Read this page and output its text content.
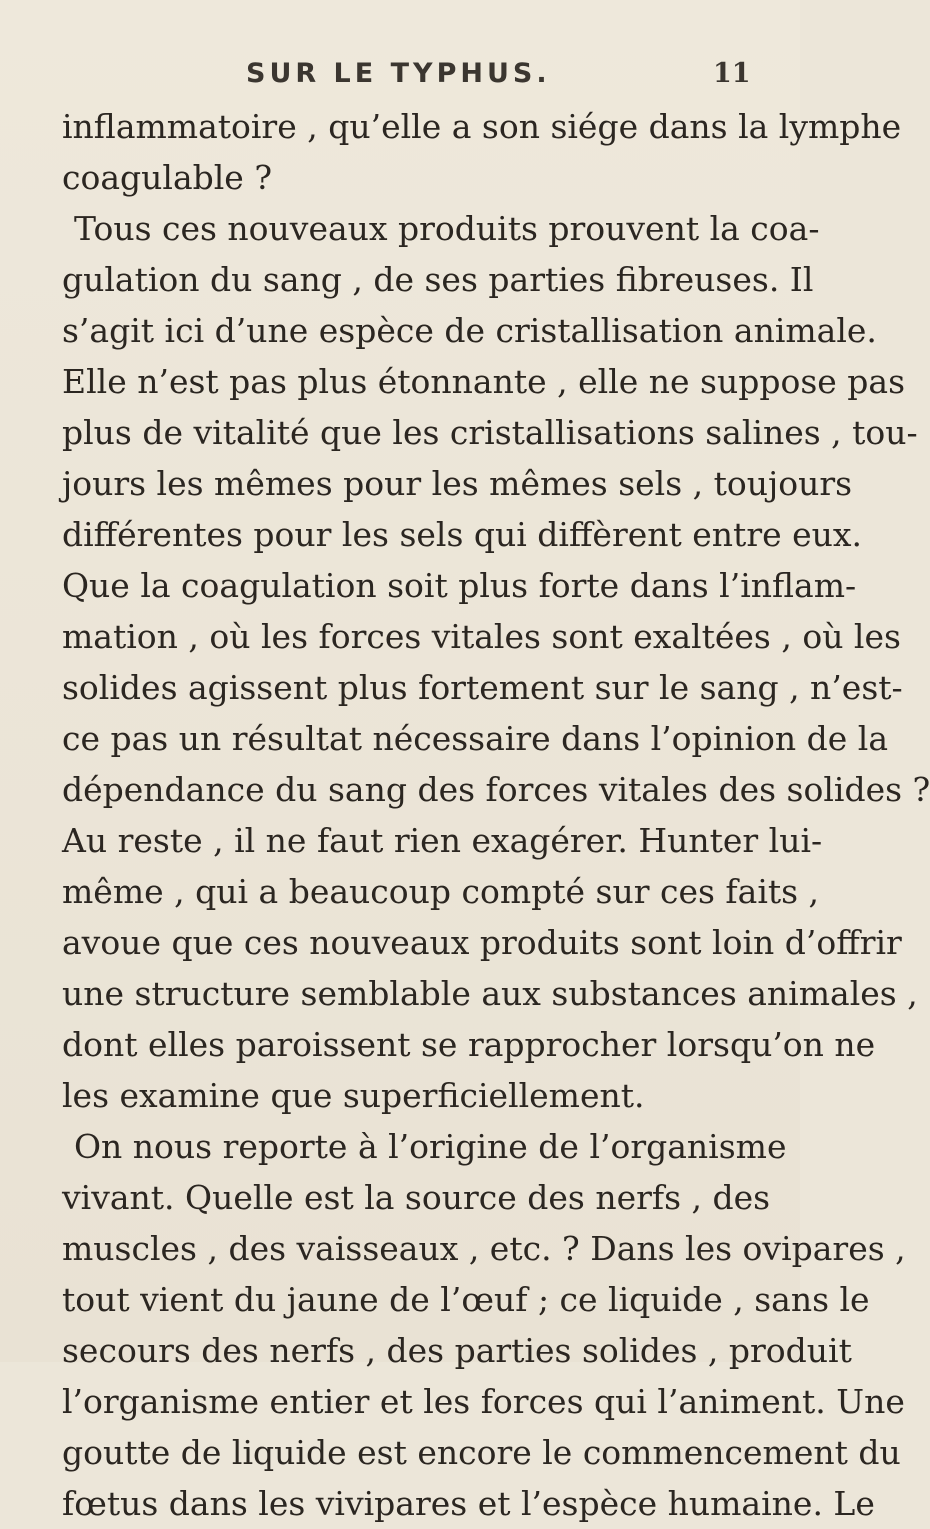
SUR LE TYPHUS.	11
inflammatoire , qu’elle a son siége dans la lymphe
coagulable ?
Tous ces nouveaux produits prouvent la coa-
gulation du sang , de ses parties fibreuses. Il
s’agit ici d’une espèce de cristallisation animale.
Elle n’est pas plus étonnante , elle ne suppose pas
plus de vitalité que les cristallisations salines , tou-
jours les mêmes pour les mêmes sels , toujours
différentes pour les sels qui diffèrent entre eux.
Que la coagulation soit plus forte dans l’inflam-
mation , où les forces vitales sont exaltées , où les
solides agissent plus fortement sur le sang , n’est-
ce pas un résultat nécessaire dans l’opinion de la
dépendance du sang des forces vitales des solides ?
Au reste , il ne faut rien exagérer. Hunter lui-
même , qui a beaucoup compté sur ces faits ,
avoue que ces nouveaux produits sont loin d’offrir
une structure semblable aux substances animales ,
dont elles paroissent se rapprocher lorsqu’on ne
les examine que superficiellement.
On nous reporte à l’origine de l’organisme
vivant. Quelle est la source des nerfs , des
muscles , des vaisseaux , etc. ? Dans les ovipares ,
tout vient du jaune de l’œuf ; ce liquide , sans le
secours des nerfs , des parties solides , produit
l’organisme entier et les forces qui l’animent. Une
goutte de liquide est encore le commencement du
fœtus dans les vivipares et l’espèce humaine. Le
